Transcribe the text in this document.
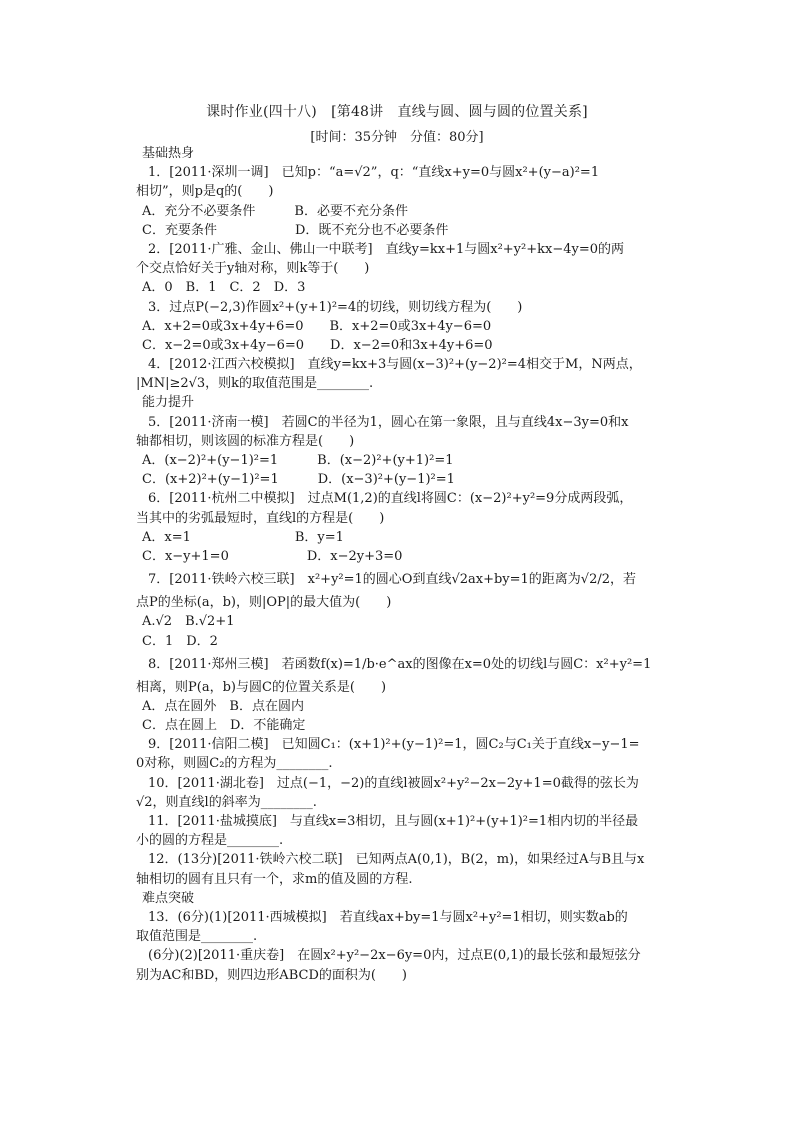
课时作业(四十八)　[第48讲　直线与圆、圆与圆的位置关系]
[时间：35分钟　分值：80分]
基础热身
1．[2011·深圳一调]　已知p：“a=√2”，q：“直线x+y=0与圆x²+(y−a)²=1
相切”，则p是q的(　　)
A．充分不必要条件　　　B．必要不充分条件
C．充要条件　　　　　　D．既不充分也不必要条件
2．[2011·广雅、金山、佛山一中联考]　直线y=kx+1与圆x²+y²+kx−4y=0的两
个交点恰好关于y轴对称，则k等于(　　)
A．0　B．1　C．2　D．3
3．过点P(−2,3)作圆x²+(y+1)²=4的切线，则切线方程为(　　)
A．x+2=0或3x+4y+6=0　　B．x+2=0或3x+4y−6=0
C．x−2=0或3x+4y−6=0　　D．x−2=0和3x+4y+6=0
4．[2012·江西六校模拟]　直线y=kx+3与圆(x−3)²+(y−2)²=4相交于M，N两点，
|MN|≥2√3，则k的取值范围是________.
能力提升
5．[2011·济南一模]　若圆C的半径为1，圆心在第一象限，且与直线4x−3y=0和x
轴都相切，则该圆的标准方程是(　　)
A．(x−2)²+(y−1)²=1　　　B．(x−2)²+(y+1)²=1
C．(x+2)²+(y−1)²=1　　　D．(x−3)²+(y−1)²=1
6．[2011·杭州二中模拟]　过点M(1,2)的直线l将圆C：(x−2)²+y²=9分成两段弧，
当其中的劣弧最短时，直线l的方程是(　　)
A．x=1　　　　　　　　B．y=1
C．x−y+1=0　　　　　　D．x−2y+3=0
7．[2011·铁岭六校三联]　x²+y²=1的圆心O到直线√2ax+by=1的距离为√2/2，若
点P的坐标(a，b)，则|OP|的最大值为(　　)
A.√2　B.√2+1
C．1　D．2
8．[2011·郑州三模]　若函数f(x)=1/b·e^ax的图像在x=0处的切线l与圆C：x²+y²=1
相离，则P(a，b)与圆C的位置关系是(　　)
A．点在圆外　B．点在圆内
C．点在圆上　D．不能确定
9．[2011·信阳二模]　已知圆C₁：(x+1)²+(y−1)²=1，圆C₂与C₁关于直线x−y−1=
0对称，则圆C₂的方程为________.
10．[2011·湖北卷]　过点(−1，−2)的直线l被圆x²+y²−2x−2y+1=0截得的弦长为
√2，则直线l的斜率为________.
11．[2011·盐城摸底]　与直线x=3相切，且与圆(x+1)²+(y+1)²=1相内切的半径最
小的圆的方程是________.
12．(13分)[2011·铁岭六校二联]　已知两点A(0,1)，B(2，m)，如果经过A与B且与x
轴相切的圆有且只有一个，求m的值及圆的方程.
难点突破
13．(6分)(1)[2011·西城模拟]　若直线ax+by=1与圆x²+y²=1相切，则实数ab的
取值范围是________.
(6分)(2)[2011·重庆卷]　在圆x²+y²−2x−6y=0内，过点E(0,1)的最长弦和最短弦分
别为AC和BD，则四边形ABCD的面积为(　　)
